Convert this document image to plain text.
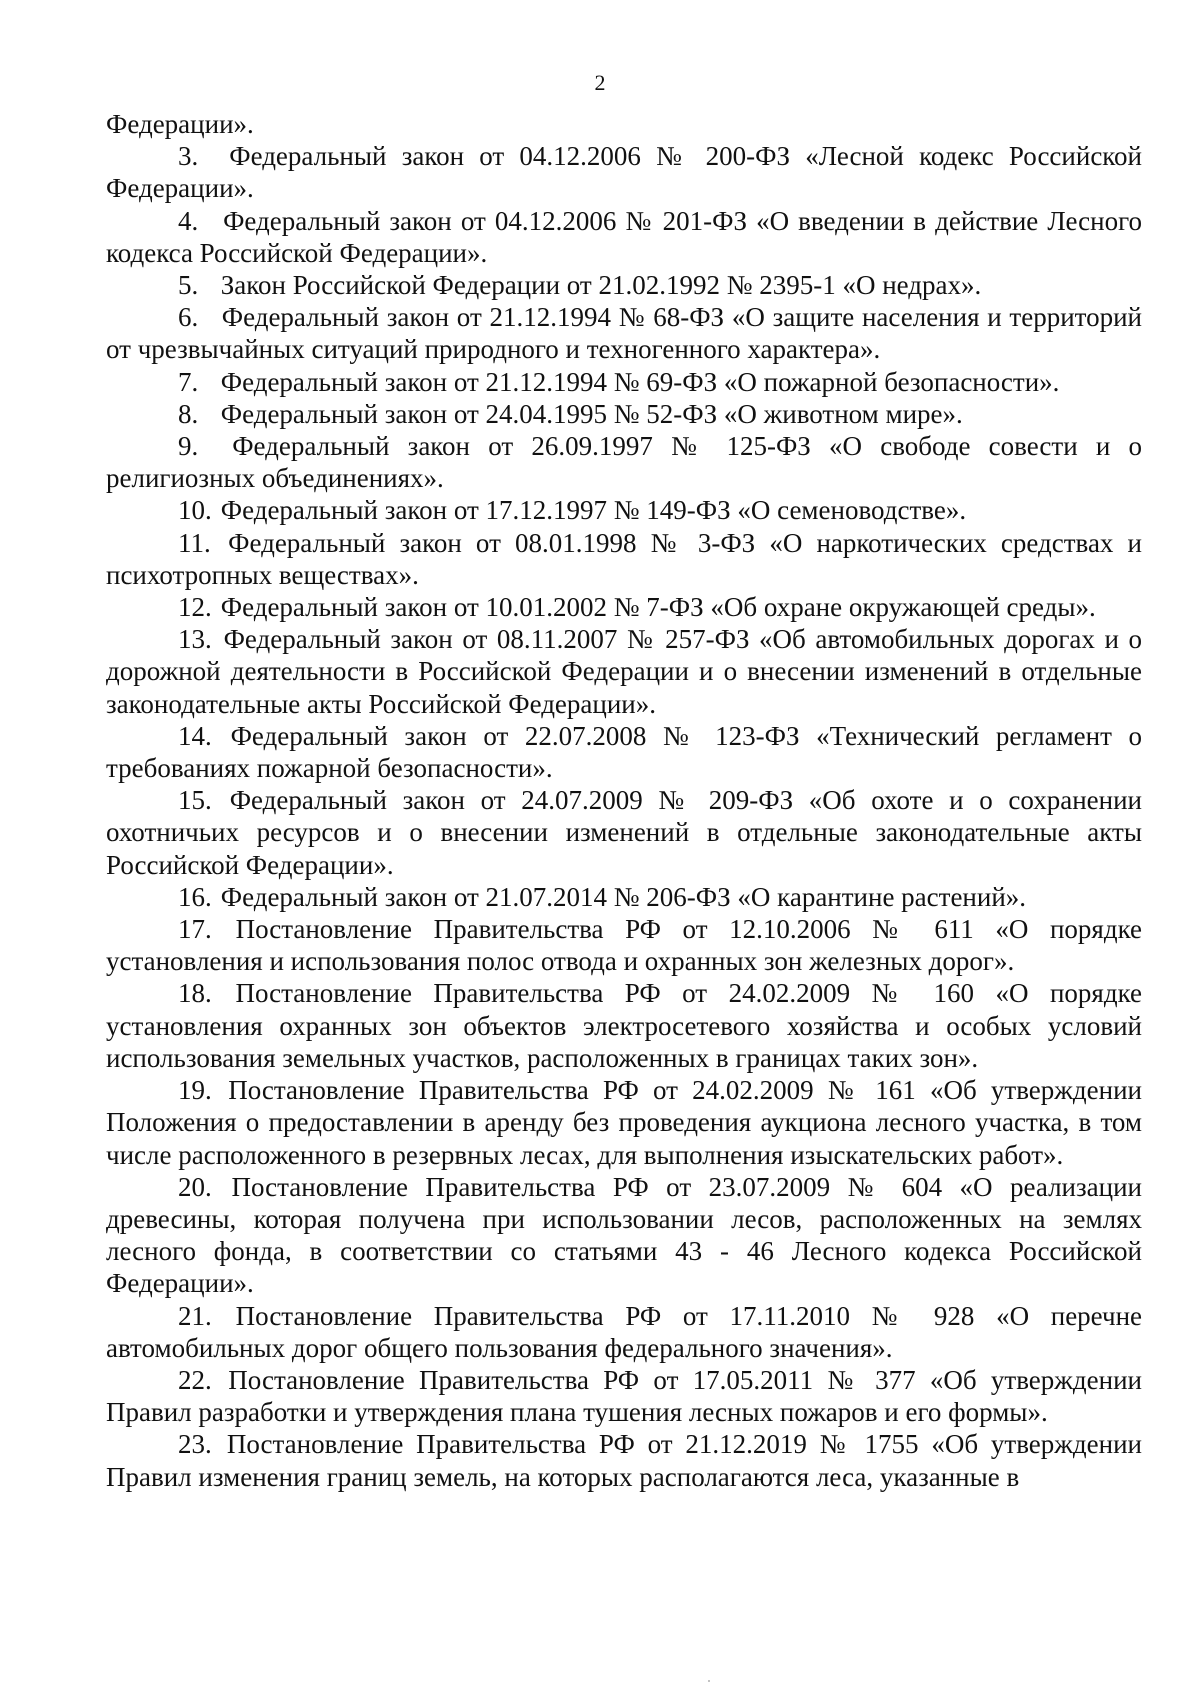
2

Федерации».

3. Федеральный закон от 04.12.2006 № 200-ФЗ «Лесной кодекс Российской Федерации».

4. Федеральный закон от 04.12.2006 № 201-ФЗ «О введении в действие Лесного кодекса Российской Федерации».

5. Закон Российской Федерации от 21.02.1992 № 2395-1 «О недрах».

6. Федеральный закон от 21.12.1994 № 68-ФЗ «О защите населения и территорий от чрезвычайных ситуаций природного и техногенного характера».

7. Федеральный закон от 21.12.1994 № 69-ФЗ «О пожарной безопасности».

8. Федеральный закон от 24.04.1995 № 52-ФЗ «О животном мире».

9. Федеральный закон от 26.09.1997 № 125-ФЗ «О свободе совести и о религиозных объединениях».

10. Федеральный закон от 17.12.1997 № 149-ФЗ «О семеноводстве».

11. Федеральный закон от 08.01.1998 № 3-ФЗ «О наркотических средствах и психотропных веществах».

12. Федеральный закон от 10.01.2002 № 7-ФЗ «Об охране окружающей среды».

13. Федеральный закон от 08.11.2007 № 257-ФЗ «Об автомобильных дорогах и о дорожной деятельности в Российской Федерации и о внесении изменений в отдельные законодательные акты Российской Федерации».

14. Федеральный закон от 22.07.2008 № 123-ФЗ «Технический регламент о требованиях пожарной безопасности».

15. Федеральный закон от 24.07.2009 № 209-ФЗ «Об охоте и о сохранении охотничьих ресурсов и о внесении изменений в отдельные законодательные акты Российской Федерации».

16. Федеральный закон от 21.07.2014 № 206-ФЗ «О карантине растений».

17. Постановление Правительства РФ от 12.10.2006 № 611 «О порядке установления и использования полос отвода и охранных зон железных дорог».

18. Постановление Правительства РФ от 24.02.2009 № 160 «О порядке установления охранных зон объектов электросетевого хозяйства и особых условий использования земельных участков, расположенных в границах таких зон».

19. Постановление Правительства РФ от 24.02.2009 № 161 «Об утверждении Положения о предоставлении в аренду без проведения аукциона лесного участка, в том числе расположенного в резервных лесах, для выполнения изыскательских работ».

20. Постановление Правительства РФ от 23.07.2009 № 604 «О реализации древесины, которая получена при использовании лесов, расположенных на землях лесного фонда, в соответствии со статьями 43 - 46 Лесного кодекса Российской Федерации».

21. Постановление Правительства РФ от 17.11.2010 № 928 «О перечне автомобильных дорог общего пользования федерального значения».

22. Постановление Правительства РФ от 17.05.2011 № 377 «Об утверждении Правил разработки и утверждения плана тушения лесных пожаров и его формы».

23. Постановление Правительства РФ от 21.12.2019 № 1755 «Об утверждении Правил изменения границ земель, на которых располагаются леса, указанные в
